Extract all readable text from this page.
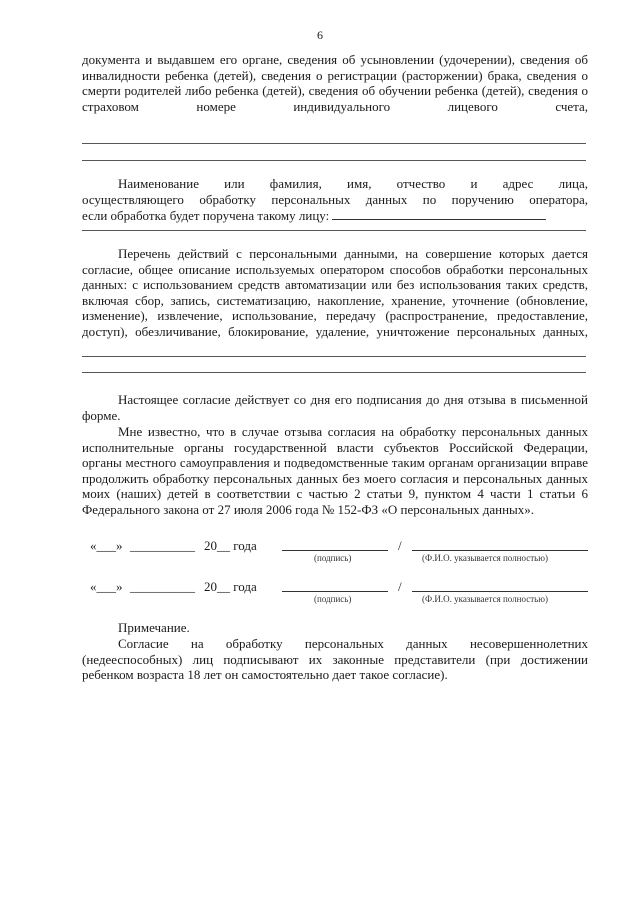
6

документа и выдавшем его органе, сведения об усыновлении (удочерении), сведения об инвалидности ребенка (детей), сведения о регистрации (расторжении) брака, сведения о смерти родителей либо ребенка (детей), сведения об обучении ребенка (детей), сведения о страховом номере индивидуального лицевого счета,

Наименование или фамилия, имя, отчество и адрес лица,

осуществляющего обработку персональных данных по поручению оператора,

если обработка будет поручена такому лицу:

Перечень действий с персональными данными, на совершение которых дается согласие, общее описание используемых оператором способов обработки персональных данных: с использованием средств автоматизации или без использования таких средств, включая сбор, запись, систематизацию, накопление, хранение, уточнение (обновление, изменение), извлечение, использование, передачу (распространение, предоставление, доступ), обезличивание, блокирование, удаление, уничтожение персональных данных,

Настоящее согласие действует со дня его подписания до дня отзыва в письменной форме.

Мне известно, что в случае отзыва согласия на обработку персональных данных исполнительные органы государственной власти субъектов Российской Федерации, органы местного самоуправления и подведомственные таким органам организации вправе продолжить обработку персональных данных без моего согласия и персональных данных моих (наших) детей в соответствии с частью 2 статьи 9, пунктом 4 части 1 статьи 6 Федерального закона от 27 июля 2006 года № 152-ФЗ «О персональных данных».

«___» __________ 20__ года	/
(подпись)	(Ф.И.О. указывается полностью)
«___» __________ 20__ года	/
(подпись)	(Ф.И.О. указывается полностью)

Примечание.

Согласие на обработку персональных данных несовершеннолетних (недееспособных) лиц подписывают их законные представители (при достижении ребенком возраста 18 лет он самостоятельно дает такое согласие).
